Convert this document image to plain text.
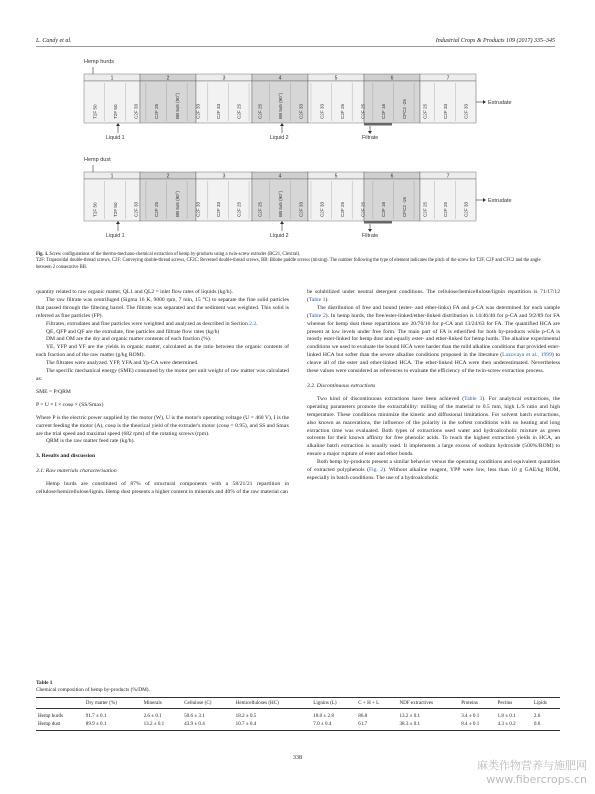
L. Candy et al.	Industrial Crops & Products 109 (2017) 335–345
Hemp hurds
1	2	3	4	5	6	7
T2F 50	T2F 50	C2F 33	C2F 25	BB 5x5 (90°)	C2F 33	C2F 33	C2F 25	C2F 25	BB 5x5 (90°)	C2F 33	C2F 33	C2F 25	C2F 25	C2F 16	CFC2 -25	C2F 25	C2F 33	C2F 33
Extrudate
Liquid 1	Liquid 2	Filtrate
Hemp dust
1	2	3	4	5	6	7
T2F 50	T2F 50	C2F 33	C2F 25	BB 5x5 (90°)	C2F 33	C2F 33	C2F 25	C2F 25	BB 5x5 (90°)	C2F 33	C2F 33	C2F 25	C2F 25	C2F 16	CFC2 -16	C2F 25	C2F 25	C2F 33
Extrudate
Liquid 1	Liquid 2	Filtrate
Fig. 1. Screw configurations of the thermo-mechano-chemical extraction of hemp by-products using a twin-screw extruder (BC21, Clextral).
T2F: Trapezoidal double-thread screws, C2F: Conveying double-thread screws, CF2C: Reversed double-thread screws, BB: Bilobe paddle screws (mixing). The number following the type of element indicates the pitch of the screw for T2F, C2F and CFC2 and the angle between 2 consecutive BB.

quantity related to raw organic matter, QL1 and QL2 = inlet flow rates of liquids (kg/h).

The raw filtrate was centrifuged (Sigma 16 K, 9000 rpm, 7 min, 15 °C) to separate the fine solid particles that passed through the filtering barrel. The filtrate was separated and the sediment was weighted. This solid is referred as fine particles (FP).

Filtrates, extrudates and fine particles were weighted and analyzed as described in Section 2.2.

QE, QFP and QF are the extrudate, fine particles and filtrate flow rates (kg/h)

DM and OM are the dry and organic matter contents of each fraction (%).

YE, YFP and YF are the yields in organic matter, calculated as the ratio between the organic contents of each fraction and of the raw matter (g/kg ROM).

The filtrates were analyzed. YFP, YFA and Yp-CA were determined.

The specific mechanical energy (SME) consumed by the motor per unit weight of raw matter was calculated as:

SME = P/QRM

P = U × I × cosφ × (SS/Smax)

Where P is the electric power supplied by the motor (W), U is the motor's operating voltage (U = 460 V), I is the current feeding the motor (A), cosφ is the theorical yield of the extruder's motor (cosφ = 0.95), and SS and Smax are the trial speed and maximal speed (682 rpm) of the rotating screws (rpm).

QRM is the raw matter feed rate (kg/h).

3. Results and discussion

3.1. Raw materials characterisation

Hemp hurds are constituted of 87% of structural components with a 58/21/21 repartition in cellulose/hemicellulose/lignin. Hemp dust presents a higher content in minerals and 40% of the raw material can

be solubilized under neutral detergent conditions. The cellulose/hemicellulose/lignin repartition is 71/17/12 (Table 1).

The distribution of free and bound (ester- and ether-links) FA and p-CA was determined for each sample (Table 2). In hemp hurds, the free/ester-linked/ether-linked distribution is 14/46/40 for p-CA and 9/2/89 for FA whereas for hemp dust these repartitions are 20/70/10 for p-CA and 13/24/63 for FA. The quantified HCA are present at low levels under free form. The main part of FA is etherified for both by-products while p-CA is mostly ester-linked for hemp dust and equally ester- and ether-linked for hemp hurds. The alkaline experimental conditions we used to evaluate the bound HCA were harder than the mild alkaline conditions that provided ester-linked HCA but softer than the severe alkaline conditions proposed in the literature (Lozovaya et al., 1999) to cleave all of the ester and ether-linked HCA. The ether-linked HCA were then underestimated. Nevertheless these values were considered as references to evaluate the efficiency of the twin-screw extraction process.

3.2. Discontinuous extractions

Two kind of discontinuous extractions have been achieved (Table 3). For analytical extractions, the operating parameters promote the extractability: milling of the material to 0.5 mm, high L/S ratio and high temperature. These conditions minimize the kinetic and diffusional limitations. For solvent batch extractions, also known as macerations, the influence of the polarity in the softest conditions with no heating and long extraction time was evaluated. Both types of extractions used water and hydroalcoholic mixture as green solvents for their known affinity for free phenolic acids. To reach the highest extraction yields in HCA, an alkaline batch extraction is usually used. It implements a large excess of sodium hydroxide (500%/ROM) to ensure a major rupture of ester and ether bonds.

Both hemp by-products present a similar behavior versus the operating conditions and equivalent quantities of extracted polyphenols (Fig. 2). Without alkaline reagent, YPP were low, less than 10 g GAE/kg ROM, especially in batch conditions. The use of a hydroalcoholic

Table 1
Chemical composition of hemp by-products (%/DM).
	Dry matter (%)	Minerals	Cellulose (C)	Hemicelluloses (HC)	Lignins (L)	C + H + L	NDF extractives	Proteins	Pectins	Lipids
Hemp hurds	91.7 ± 0.1	2.6 ± 0.1	50.6 ± 3.1	18.2 ± 0.5	18.0 ± 2.8	86.8	13.2 ± 0.1	3.4 ± 0.1	1.8 ± 0.1	2.6
Hemp dust	89.9 ± 0.1	13.2 ± 0.1	43.9 ± 0.4	10.7 ± 0.4	7.0 ± 0.4	61.7	38.3 ± 0.1	8.4 ± 0.1	4.3 ± 0.2	0.6
338
麻类作物营养与施肥网
www.fibercrops.cn
